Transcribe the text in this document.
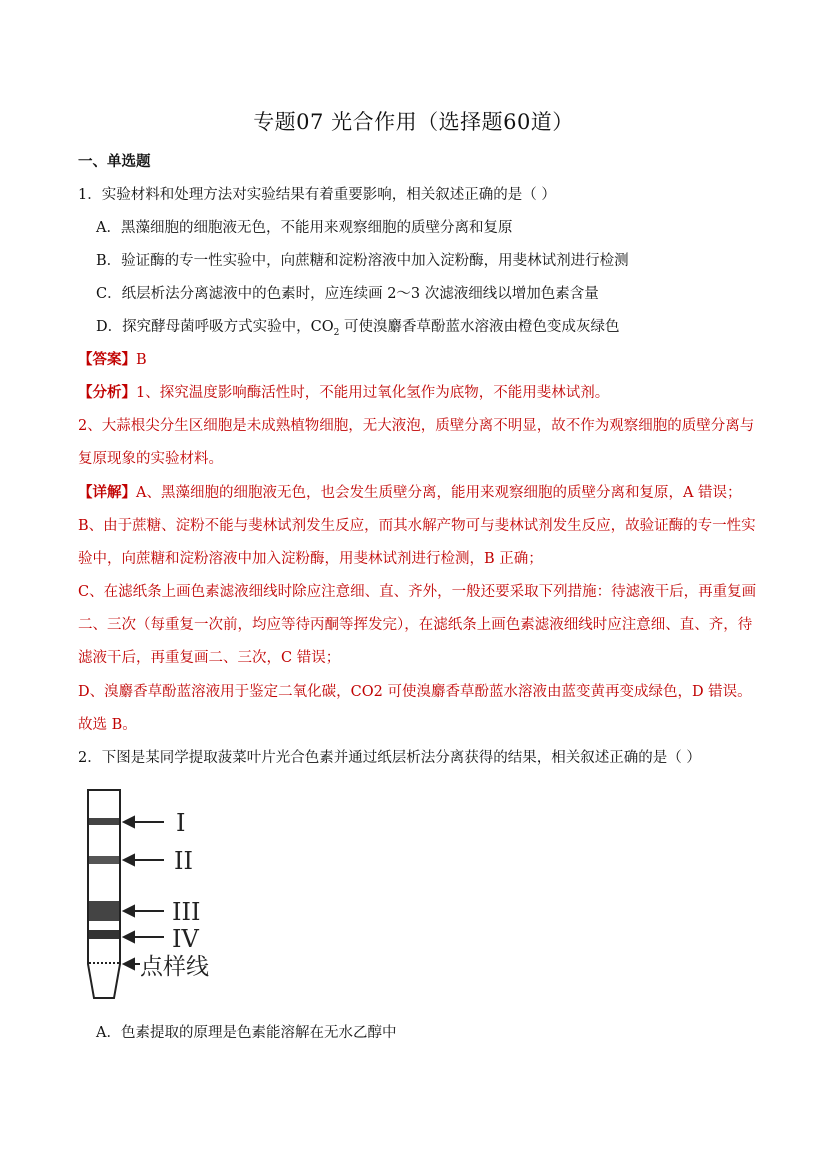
专题07 光合作用（选择题60道）
一、单选题
1．实验材料和处理方法对实验结果有着重要影响，相关叙述正确的是（ ）
A．黑藻细胞的细胞液无色，不能用来观察细胞的质壁分离和复原
B．验证酶的专一性实验中，向蔗糖和淀粉溶液中加入淀粉酶，用斐林试剂进行检测
C．纸层析法分离滤液中的色素时，应连续画 2～3 次滤液细线以增加色素含量
D．探究酵母菌呼吸方式实验中，$CO_2$ 可使溴麝香草酚蓝水溶液由橙色变成灰绿色
【答案】B
【分析】1、探究温度影响酶活性时，不能用过氧化氢作为底物，不能用斐林试剂。
2、大蒜根尖分生区细胞是未成熟植物细胞，无大液泡，质壁分离不明显，故不作为观察细胞的质壁分离与
复原现象的实验材料。
【详解】A、黑藻细胞的细胞液无色，也会发生质壁分离，能用来观察细胞的质壁分离和复原，A 错误；
B、由于蔗糖、淀粉不能与斐林试剂发生反应，而其水解产物可与斐林试剂发生反应，故验证酶的专一性实
验中，向蔗糖和淀粉溶液中加入淀粉酶，用斐林试剂进行检测，B 正确；
C、在滤纸条上画色素滤液细线时除应注意细、直、齐外，一般还要采取下列措施：待滤液干后，再重复画
二、三次（每重复一次前，均应等待丙酮等挥发完），在滤纸条上画色素滤液细线时应注意细、直、齐，待
滤液干后，再重复画二、三次，C 错误；
D、溴麝香草酚蓝溶液用于鉴定二氧化碳，CO2 可使溴麝香草酚蓝水溶液由蓝变黄再变成绿色，D 错误。
故选 B。
2．下图是某同学提取菠菜叶片光合色素并通过纸层析法分离获得的结果，相关叙述正确的是（ ）
I
II
III
IV
点样线
A．色素提取的原理是色素能溶解在无水乙醇中
